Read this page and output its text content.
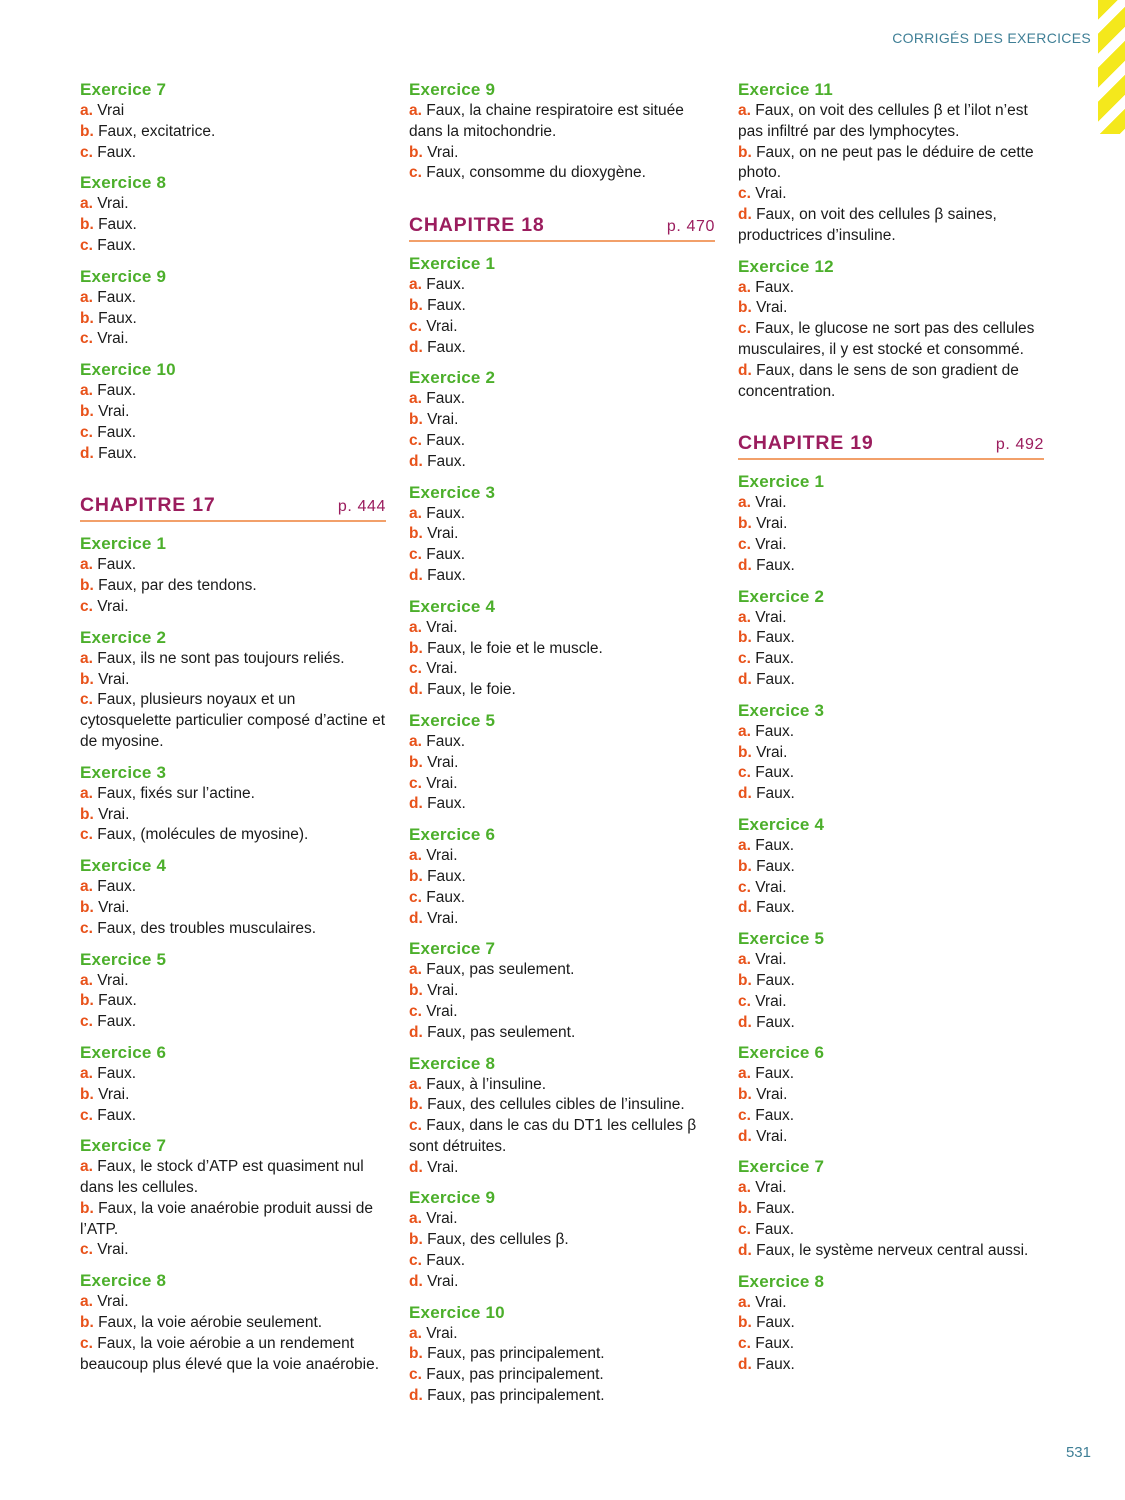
CORRIGÉS DES EXERCICES

Exercice 7

a. Vrai

b. Faux, excitatrice.

c. Faux.

Exercice 8

a. Vrai.

b. Faux.

c. Faux.

Exercice 9

a. Faux.

b. Faux.

c. Vrai.

Exercice 10

a. Faux.

b. Vrai.

c. Faux.

d. Faux.

CHAPITRE 17	p. 444

Exercice 1

a. Faux.

b. Faux, par des tendons.

c. Vrai.

Exercice 2

a. Faux, ils ne sont pas toujours reliés.

b. Vrai.

c. Faux, plusieurs noyaux et un cytosquelette particulier composé d’actine et de myosine.

Exercice 3

a. Faux, fixés sur l’actine.

b. Vrai.

c. Faux, (molécules de myosine).

Exercice 4

a. Faux.

b. Vrai.

c. Faux, des troubles musculaires.

Exercice 5

a. Vrai.

b. Faux.

c. Faux.

Exercice 6

a. Faux.

b. Vrai.

c. Faux.

Exercice 7

a. Faux, le stock d’ATP est quasiment nul dans les cellules.

b. Faux, la voie anaérobie produit aussi de l’ATP.

c. Vrai.

Exercice 8

a. Vrai.

b. Faux, la voie aérobie seulement.

c. Faux, la voie aérobie a un rendement beaucoup plus élevé que la voie anaérobie.

Exercice 9

a. Faux, la chaine respiratoire est située dans la mitochondrie.

b. Vrai.

c. Faux, consomme du dioxygène.

CHAPITRE 18	p. 470

Exercice 1

a. Faux.

b. Faux.

c. Vrai.

d. Faux.

Exercice 2

a. Faux.

b. Vrai.

c. Faux.

d. Faux.

Exercice 3

a. Faux.

b. Vrai.

c. Faux.

d. Faux.

Exercice 4

a. Vrai.

b. Faux, le foie et le muscle.

c. Vrai.

d. Faux, le foie.

Exercice 5

a. Faux.

b. Vrai.

c. Vrai.

d. Faux.

Exercice 6

a. Vrai.

b. Faux.

c. Faux.

d. Vrai.

Exercice 7

a. Faux, pas seulement.

b. Vrai.

c. Vrai.

d. Faux, pas seulement.

Exercice 8

a. Faux, à l’insuline.

b. Faux, des cellules cibles de l’insuline.

c. Faux, dans le cas du DT1 les cellules β sont détruites.

d. Vrai.

Exercice 9

a. Vrai.

b. Faux, des cellules β.

c. Faux.

d. Vrai.

Exercice 10

a. Vrai.

b. Faux, pas principalement.

c. Faux, pas principalement.

d. Faux, pas principalement.

Exercice 11

a. Faux, on voit des cellules β et l’ilot n’est pas infiltré par des lymphocytes.

b. Faux, on ne peut pas le déduire de cette photo.

c. Vrai.

d. Faux, on voit des cellules β saines, productrices d’insuline.

Exercice 12

a. Faux.

b. Vrai.

c. Faux, le glucose ne sort pas des cellules musculaires, il y est stocké et consommé.

d. Faux, dans le sens de son gradient de concentration.

CHAPITRE 19	p. 492

Exercice 1

a. Vrai.

b. Vrai.

c. Vrai.

d. Faux.

Exercice 2

a. Vrai.

b. Faux.

c. Faux.

d. Faux.

Exercice 3

a. Faux.

b. Vrai.

c. Faux.

d. Faux.

Exercice 4

a. Faux.

b. Faux.

c. Vrai.

d. Faux.

Exercice 5

a. Vrai.

b. Faux.

c. Vrai.

d. Faux.

Exercice 6

a. Faux.

b. Vrai.

c. Faux.

d. Vrai.

Exercice 7

a. Vrai.

b. Faux.

c. Faux.

d. Faux, le système nerveux central aussi.

Exercice 8

a. Vrai.

b. Faux.

c. Faux.

d. Faux.

531
